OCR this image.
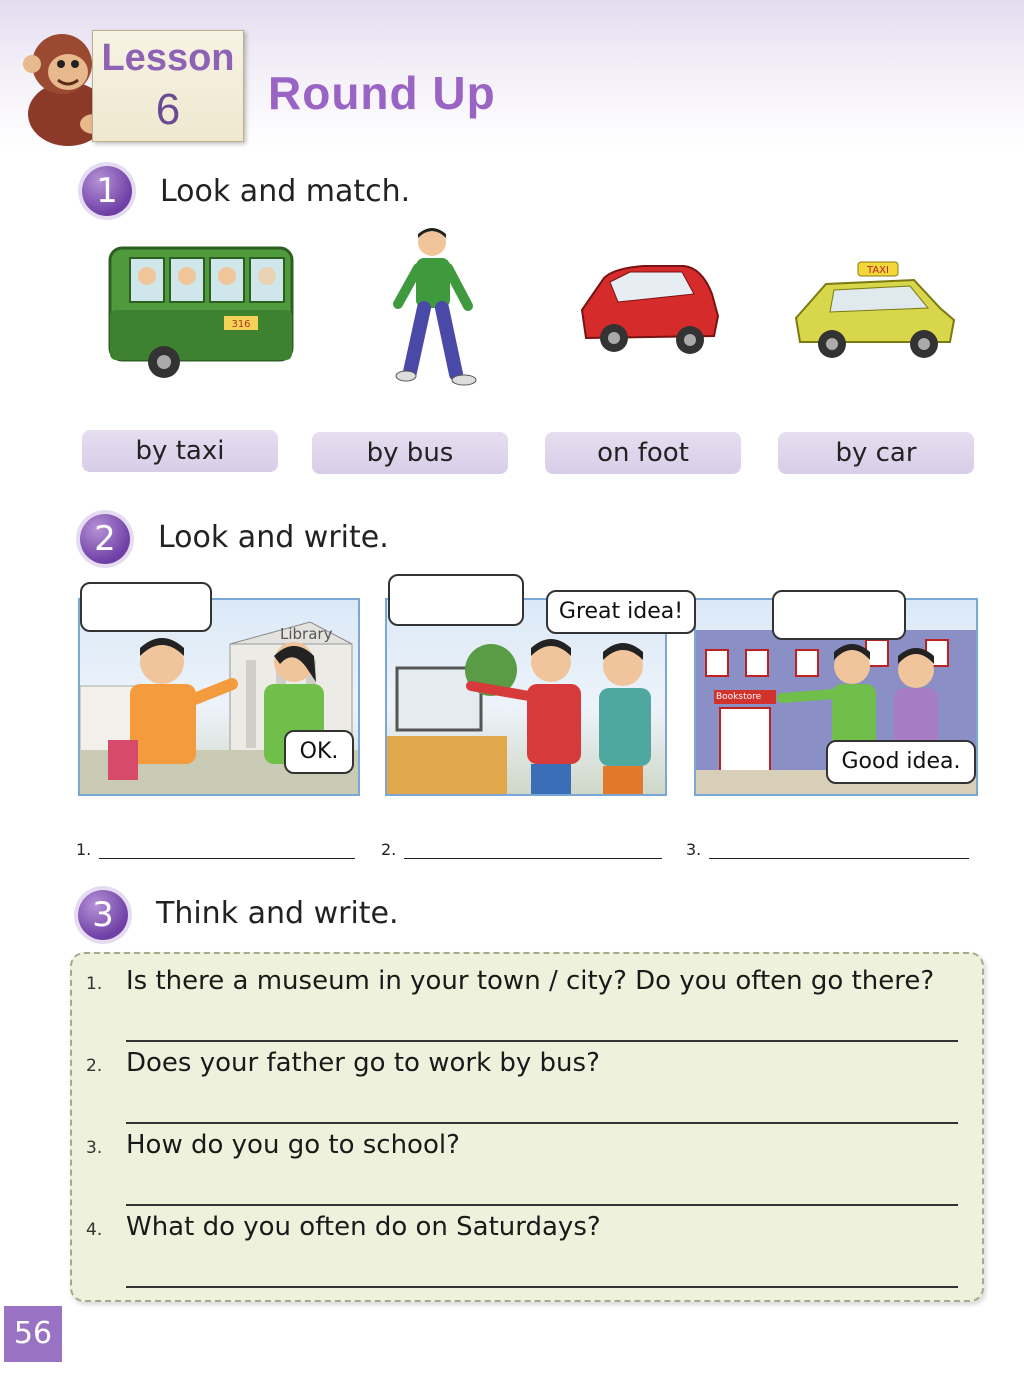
Lesson
6	Round Up
1	Look and match.
316
TAXI
by taxi	by bus	on foot	by car
2	Look and write.
Library
OK.
Great idea!
Bookstore
Good idea.
1.	2.	3.
3	Think and write.
1. Is there a museum in your town / city? Do you often go there?
2. Does your father go to work by bus?
3. How do you go to school?
4. What do you often do on Saturdays?
56
